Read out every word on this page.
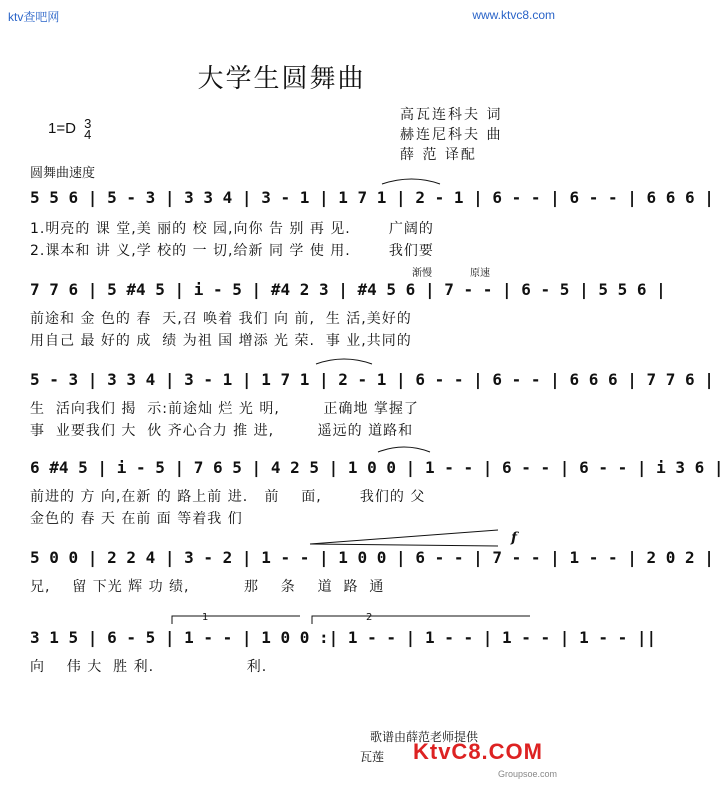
ktv查吧网	www.ktvc8.com
大学生圆舞曲
1=D 3
4
高瓦连科夫 词
赫连尼科夫 曲
薛 范 译配
圆舞曲速度
5 5 6 | 5 - 3 | 3 3 4 | 3 - 1 | 1 7 1 | 2 - 1 | 6 - - | 6 - - | 6 6 6 |
1.明亮的 课 堂,美 丽的 校 园,向你 告 别 再 见.       广阔的
2.课本和 讲 义,学 校的 一 切,给新 同 学 使 用.       我们要
渐慢	原速
7 7 6 | 5 #4 5 | i - 5 | #4 2 3 | #4 5 6 | 7 - - | 6 - 5 | 5 5 6 |
前途和 金 色的 春  天,召 唤着 我们 向 前,  生 活,美好的
用自己 最 好的 成  绩 为祖 国 增添 光 荣.  事 业,共同的
5 - 3 | 3 3 4 | 3 - 1 | 1 7 1 | 2 - 1 | 6 - - | 6 - - | 6 6 6 | 7 7 6 |
生  活向我们 揭  示:前途灿 烂 光 明,        正确地 掌握了
事  业要我们 大  伙 齐心合力 推 进,        遥远的 道路和
6 #4 5 | i - 5 | 7 6 5 | 4 2 5 | 1 0 0 | 1 - - | 6 - - | 6 - - | i 3 6 |
前进的 方 向,在新 的 路上前 进.   前    面,       我们的 父
金色的 春 天 在前 面 等着我 们
f
5 0 0 | 2 2 4 | 3 - 2 | 1 - - | 1 0 0 | 6 - - | 7 - - | 1 - - | 2 0 2 |
兄,    留 下光 辉 功 绩,          那    条    道  路  通
1	2
3 1 5 | 6 - 5 | 1 - - | 1 0 0 :| 1 - - | 1 - - | 1 - - | 1 - - ||
向    伟 大  胜 利.                 利.
歌谱由薛范老师提供
瓦莲 KtvC8.COM
Groupsoe.com
